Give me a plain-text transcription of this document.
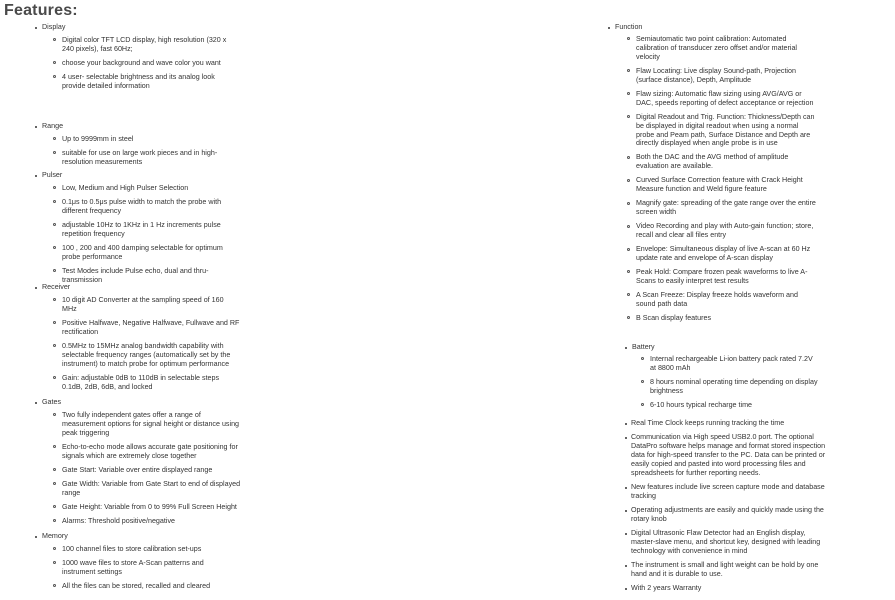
Features:
Display
Digital color TFT LCD display, high resolution (320 x 240 pixels), fast 60Hz;
choose your background and wave color you want
4 user- selectable brightness and its analog look provide detailed information
Range
Up to 9999mm in steel
suitable for use on large work pieces and in high-resolution measurements
Pulser
Low, Medium and High Pulser Selection
0.1μs to 0.5μs pulse width to match the probe with different frequency
adjustable 10Hz to 1KHz in 1 Hz increments pulse repetition frequency
100 , 200 and 400 damping selectable for optimum probe performance
Test Modes include Pulse echo, dual and thru-transmission
Receiver
10 digit AD Converter at the sampling speed of 160 MHz
Positive Halfwave, Negative Halfwave, Fullwave and RF rectification
0.5MHz to 15MHz analog bandwidth capability with selectable frequency ranges (automatically set by the instrument) to match probe for optimum performance
Gain: adjustable 0dB to 110dB in selectable steps 0.1dB, 2dB, 6dB, and locked
Gates
Two fully independent gates offer a range of measurement options for signal height or distance using peak triggering
Echo-to-echo mode allows accurate gate positioning for signals which are extremely close together
Gate Start: Variable over entire displayed range
Gate Width: Variable from Gate Start to end of displayed range
Gate Height: Variable from 0 to 99% Full Screen Height
Alarms: Threshold positive/negative
Memory
100 channel files to store calibration set-ups
1000 wave files to store A-Scan patterns and instrument settings
All the files can be stored, recalled and cleared
Function
Semiautomatic two point calibration: Automated calibration of transducer zero offset and/or material velocity
Flaw Locating: Live display Sound-path, Projection (surface distance), Depth, Amplitude
Flaw sizing: Automatic flaw sizing using AVG/AVG or DAC, speeds reporting of defect acceptance or rejection
Digital Readout and Trig. Function: Thickness/Depth can be displayed in digital readout when using a normal probe and Peam path, Surface Distance and Depth are directly displayed when angle probe is in use
Both the DAC and the AVG method of amplitude evaluation are available.
Curved Surface Correction feature with Crack Height Measure function and Weld figure feature
Magnify gate: spreading of the gate range over the entire screen width
Video Recording and play with Auto-gain function; store, recall and clear all files entry
Envelope: Simultaneous display of live A-scan at 60 Hz update rate and envelope of A-scan display
Peak Hold: Compare frozen peak waveforms to live A-Scans to easily interpret test results
A Scan Freeze: Display freeze holds waveform and sound path data
B Scan display features
Battery
Internal rechargeable Li-ion battery pack rated 7.2V at 8800 mAh
8 hours nominal operating time depending on display brightness
6-10 hours typical recharge time
Real Time Clock keeps running tracking the time
Communication via High speed USB2.0 port. The optional DataPro software helps manage and format stored inspection data for high-speed transfer to the PC. Data can be printed or easily copied and pasted into word processing files and spreadsheets for further reporting needs.
New features include live screen capture mode and database tracking
Operating adjustments are easily and quickly made using the rotary knob
Digital Ultrasonic Flaw Detector had an English display, master-slave menu, and shortcut key, designed with leading technology with convenience in mind
The instrument is small and light weight can be hold by one hand and it is durable to use.
With 2 years Warranty
